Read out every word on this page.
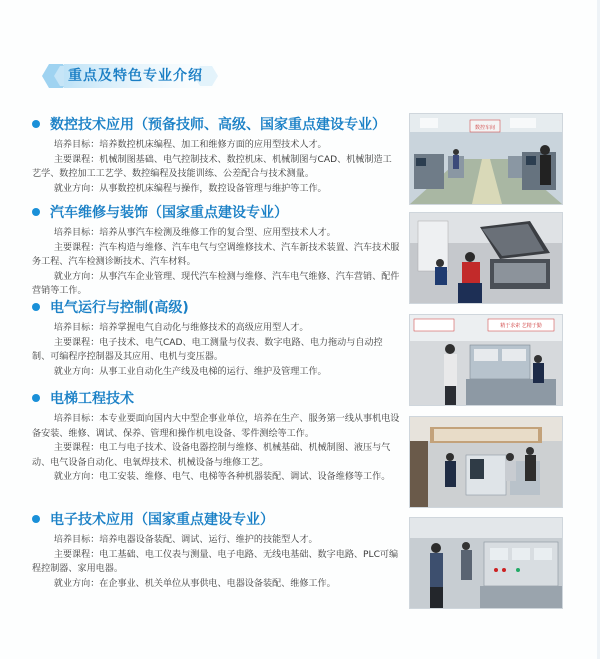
重点及特色专业介绍
数控技术应用（预备技师、高级、国家重点建设专业）

培养目标：培养数控机床编程、加工和维修方面的应用型技术人才。

主要课程：机械制图基础、电气控制技术、数控机床、机械制图与CAD、机械制造工艺学、数控加工工艺学、数控编程及技能训练、公差配合与技术测量。

就业方向：从事数控机床编程与操作，数控设备管理与维护等工作。

汽车维修与装饰（国家重点建设专业）

培养目标：培养从事汽车检测及维修工作的复合型、应用型技术人才。

主要课程：汽车构造与维修、汽车电气与空调维修技术、汽车新技术装置、汽车技术服务工程、汽车检测诊断技术、汽车材料。

就业方向：从事汽车企业管理、现代汽车检测与维修、汽车电气维修、汽车营销、配件营销等工作。

电气运行与控制(高级)

培养目标：培养掌握电气自动化与维修技术的高级应用型人才。

主要课程：电子技术、电气CAD、电工测量与仪表、数字电路、电力拖动与自动控制、可编程序控制器及其应用、电机与变压器。

就业方向：从事工业自动化生产线及电梯的运行、维护及管理工作。

电梯工程技术

培养目标：本专业要面向国内大中型企事业单位，培养在生产、服务第一线从事机电设备安装、维修、调试、保养、管理和操作机电设备、零件测绘等工作。

主要课程：电工与电子技术、设备电器控制与维修、机械基础、机械制图、液压与气动、电气设备自动化、电氧焊技术、机械设备与维修工艺。

就业方向：电工安装、维修、电气、电梯等各种机器装配、调试、设备维修等工作。

电子技术应用（国家重点建设专业）

培养目标：培养电器设备装配、调试、运行、维护的技能型人才。

主要课程：电工基础、电工仪表与测量、电子电路、无线电基础、数字电路、PLC可编程控制器、家用电器。

就业方向：在企事业、机关单位从事供电、电器设备装配、维修工作。

数控车间
精于求索 艺精于勤
